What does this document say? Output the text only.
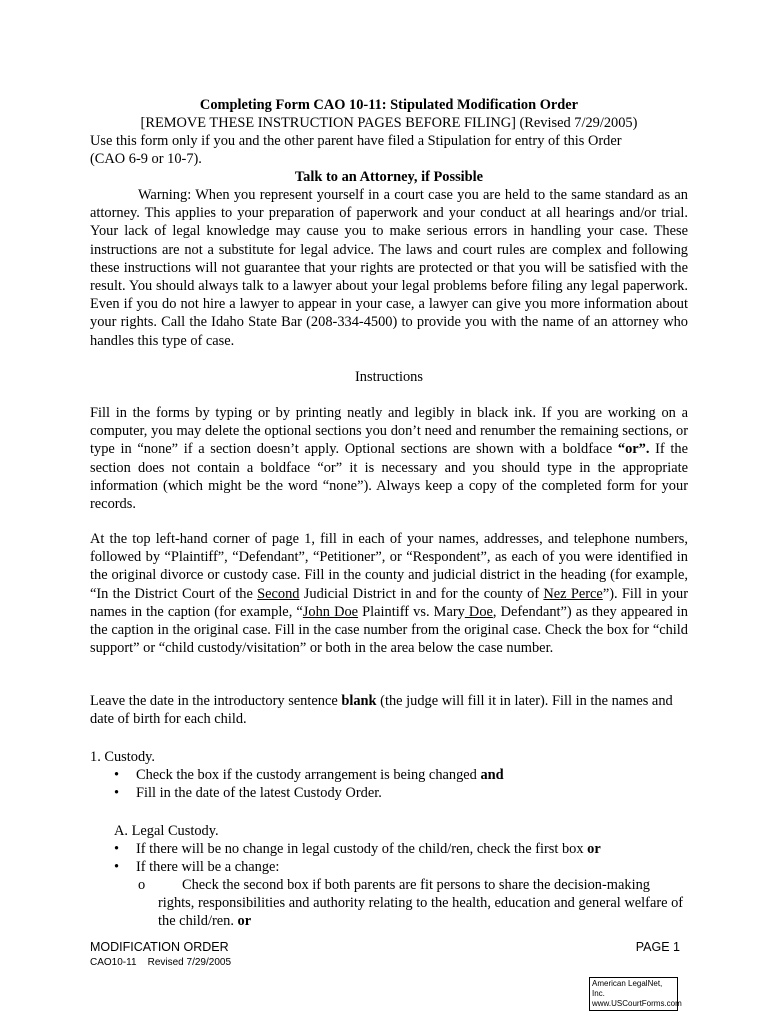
Completing Form CAO 10-11: Stipulated Modification Order
[REMOVE THESE INSTRUCTION PAGES BEFORE FILING] (Revised 7/29/2005)
Use this form only if you and the other parent have filed a Stipulation for entry of this Order
(CAO 6-9 or 10-7).
Talk to an Attorney, if Possible

Warning: When you represent yourself in a court case you are held to the same standard as an attorney. This applies to your preparation of paperwork and your conduct at all hearings and/or trial. Your lack of legal knowledge may cause you to make serious errors in handling your case. These instructions are not a substitute for legal advice. The laws and court rules are complex and following these instructions will not guarantee that your rights are protected or that you will be satisfied with the result. You should always talk to a lawyer about your legal problems before filing any legal paperwork. Even if you do not hire a lawyer to appear in your case, a lawyer can give you more information about your rights. Call the Idaho State Bar (208-334-4500) to provide you with the name of an attorney who handles this type of case.

Instructions

Fill in the forms by typing or by printing neatly and legibly in black ink. If you are working on a computer, you may delete the optional sections you don’t need and renumber the remaining sections, or type in “none” if a section doesn’t apply. Optional sections are shown with a boldface “or”. If the section does not contain a boldface “or” it is necessary and you should type in the appropriate information (which might be the word “none”). Always keep a copy of the completed form for your records.

At the top left-hand corner of page 1, fill in each of your names, addresses, and telephone numbers, followed by “Plaintiff”, “Defendant”, “Petitioner”, or “Respondent”, as each of you were identified in the original divorce or custody case. Fill in the county and judicial district in the heading (for example, “In the District Court of the Second Judicial District in and for the county of Nez Perce”). Fill in your names in the caption (for example, “John Doe Plaintiff vs. Mary Doe, Defendant”) as they appeared in the caption in the original case. Fill in the case number from the original case. Check the box for “child support” or “child custody/visitation” or both in the area below the case number.

Leave the date in the introductory sentence blank (the judge will fill it in later). Fill in the names and date of birth for each child.

1. Custody.
• Check the box if the custody arrangement is being changed and
• Fill in the date of the latest Custody Order.
A. Legal Custody.
• If there will be no change in legal custody of the child/ren, check the first box or
• If there will be a change:
o	Check the second box if both parents are fit persons to share the decision-making rights, responsibilities and authority relating to the health, education and general welfare of the child/ren. or
MODIFICATION ORDER
CAO10-11    Revised 7/29/2005
PAGE 1
American LegalNet, Inc.
www.USCourtForms.com
